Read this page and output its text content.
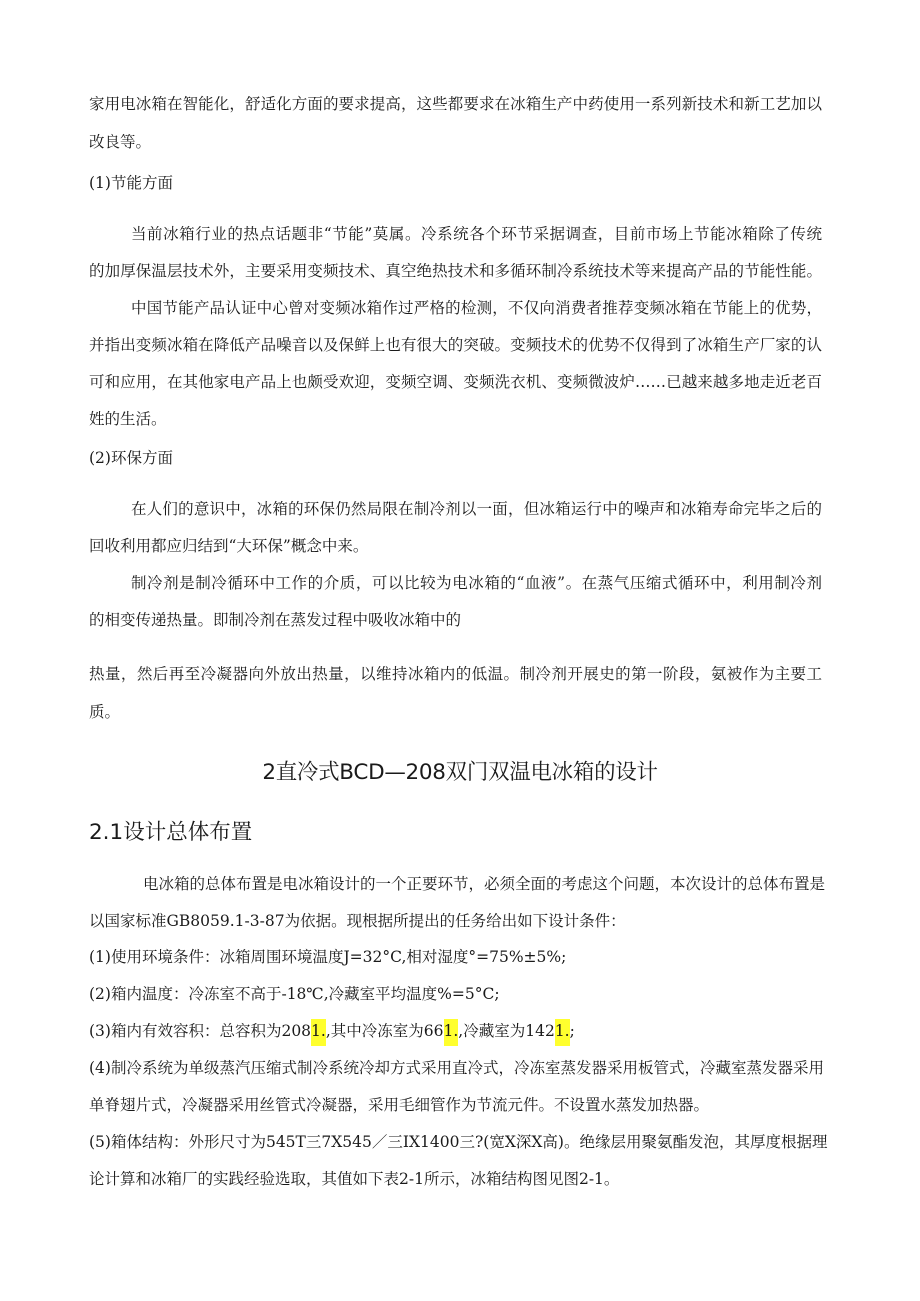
家用电冰箱在智能化，舒适化方面的要求提高，这些都要求在冰箱生产中药使用一系列新技术和新工艺加以
改良等。
(1)节能方面
当前冰箱行业的热点话题非“节能”莫属。冷系统各个环节采据调查，目前市场上节能冰箱除了传统
的加厚保温层技术外，主要采用变频技术、真空绝热技术和多循环制冷系统技术等来提高产品的节能性能。
中国节能产品认证中心曾对变频冰箱作过严格的检测，不仅向消费者推荐变频冰箱在节能上的优势，
并指出变频冰箱在降低产品噪音以及保鲜上也有很大的突破。变频技术的优势不仅得到了冰箱生产厂家的认
可和应用，在其他家电产品上也颇受欢迎，变频空调、变频洗衣机、变频微波炉……已越来越多地走近老百
姓的生活。
(2)环保方面
在人们的意识中，冰箱的环保仍然局限在制冷剂以一面，但冰箱运行中的噪声和冰箱寿命完毕之后的
回收利用都应归结到“大环保”概念中来。
制冷剂是制冷循环中工作的介质，可以比较为电冰箱的“血液”。在蒸气压缩式循环中，利用制冷剂
的相变传递热量。即制冷剂在蒸发过程中吸收冰箱中的
热量，然后再至冷凝器向外放出热量，以维持冰箱内的低温。制冷剂开展史的第一阶段，氨被作为主要工
质。
2直冷式BCD—208双门双温电冰箱的设计
2.1设计总体布置
电冰箱的总体布置是电冰箱设计的一个正要环节，必须全面的考虑这个问题，本次设计的总体布置是
以国家标准GB8059.1-3-87为依据。现根据所提出的任务给出如下设计条件：
(1)使用环境条件：冰箱周围环境温度J=32°C,相对湿度°=75%±5%;
(2)箱内温度：冷冻室不高于-18℃,冷藏室平均温度%=5°C;
(3)箱内有效容积：总容积为2081.,其中冷冻室为661.,冷藏室为1421.;
(4)制冷系统为单级蒸汽压缩式制冷系统冷却方式采用直冷式，冷冻室蒸发器采用板管式，冷藏室蒸发器采用
单脊翅片式，冷凝器采用丝管式冷凝器，采用毛细管作为节流元件。不设置水蒸发加热器。
(5)箱体结构：外形尺寸为545T三7X545／三IX1400三?(宽X深X高)。绝缘层用聚氨酯发泡，其厚度根据理
论计算和冰箱厂的实践经验选取，其值如下表2-1所示，冰箱结构图见图2-1。
